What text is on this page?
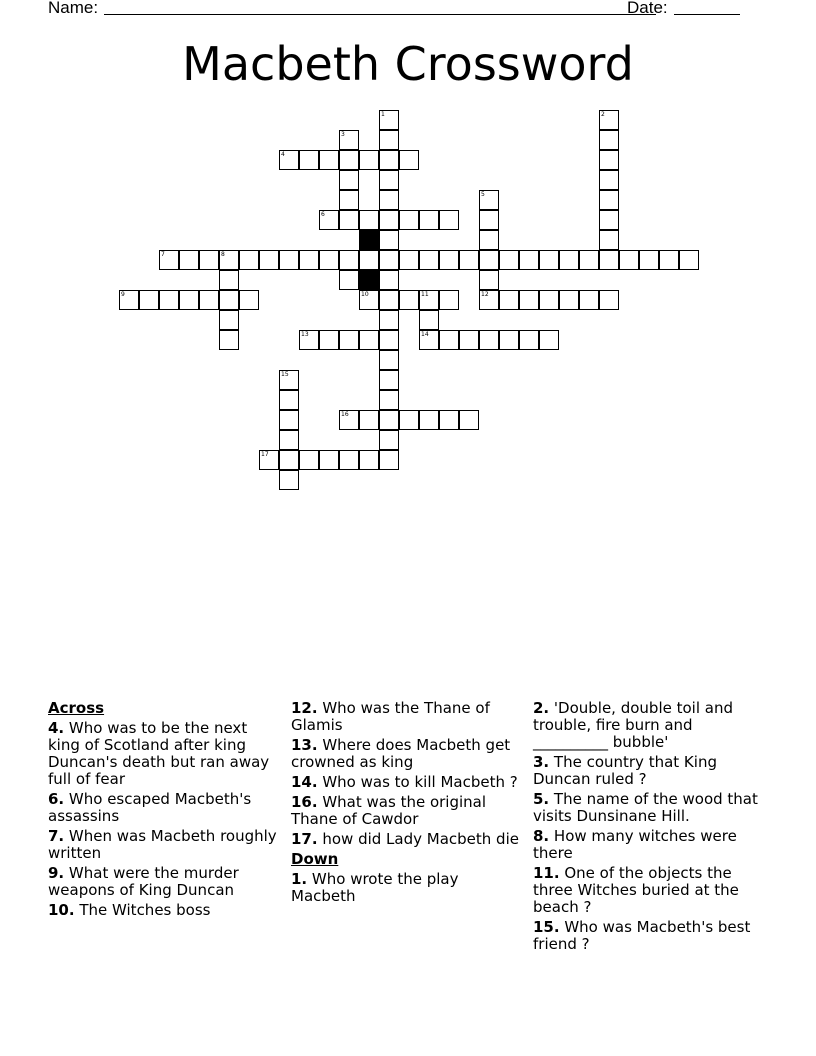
Name:	Date:
Macbeth Crossword
1	2
3
4
6
5
7	8
9	10	11	12
13	14
15
16
17
Across
4. Who was to be the next king of Scotland after king Duncan's death but ran away full of fear
6. Who escaped Macbeth's assassins
7. When was Macbeth roughly written
9. What were the murder weapons of King Duncan
10. The Witches boss
12. Who was the Thane of Glamis
13. Where does Macbeth get crowned as king
14. Who was to kill Macbeth ?
16. What was the original Thane of Cawdor
17. how did Lady Macbeth die
Down
1. Who wrote the play Macbeth
2. 'Double, double toil and trouble, fire burn and __________ bubble'
3. The country that King Duncan ruled ?
5. The name of the wood that visits Dunsinane Hill.
8. How many witches were there
11. One of the objects the three Witches buried at the beach ?
15. Who was Macbeth's best friend ?
